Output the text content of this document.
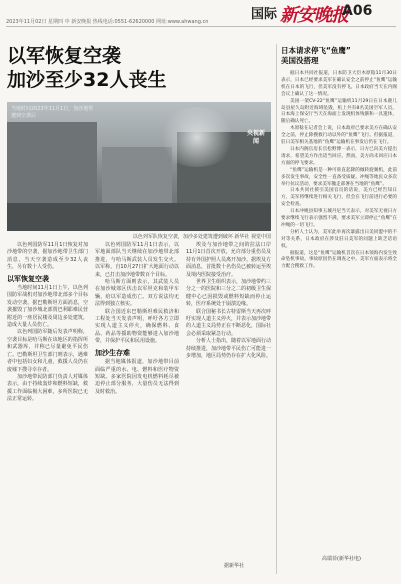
2023年11月02日 星期四 中 新安晚报 热线电话:0551-62620000 网址:www.ahwang.cn	国际 新安晚报
A06
以军恢复空袭
加沙至少32人丧生
当地时间2023年11月1日，加沙地带
遭到空袭后
央视新闻
以色列军队恢复空袭，加沙多处建筑遭到破坏 新华社 视觉中国

以色列国防军11月1日恢复对加沙地带的空袭，据加沙地带卫生部门消息，当天空袭造成至少32人丧生，另有数十人受伤。

以军恢复空袭

当地时间11月1日上午，以色列国防军战机对加沙地带北部多个目标发动空袭。据巴勒斯坦方面消息，空袭摧毁了加沙城北部贾巴利耶难民营附近的一座居民楼及周边多处建筑，造成大量人员伤亡。

以色列国防军随后发表声明称，空袭目标是哈马斯在该地区的指挥所和武器库，并称已尽量避免平民伤亡。巴勒斯坦卫生部门则表示，遇难者中包括妇女和儿童，救援人员仍在废墟下搜寻幸存者。

加沙地带民防部门负责人对媒体表示，由于持续轰炸和燃料短缺，救援工作面临极大困难，多所医院已无法正常运转。

以色列国防军11月1日表示，以军地面部队当天继续在加沙地带北部推进，与哈马斯武装人员发生交火。以军称，自10月27日扩大地面行动以来，已打击加沙地带数百个目标。

哈马斯方面则表示，其武装人员在加沙城郊区伏击以军坦克和装甲车辆，给以军造成伤亡。双方说法均无法得到独立核实。

联合国近东巴勒斯坦难民救济和工程处当天发表声明，呼吁各方立即实现人道主义停火，确保燃料、食品、药品等援助物资能够进入加沙地带，并保护平民和民用设施。

加沙生存难

据当地媒体报道，加沙地带目前面临严重的水、电、燃料和医疗物资短缺。多家医院因发电机燃料耗尽被迫停止部分服务，大量伤员无法得到及时救治。

埃及与加沙地带之间的拉法口岸11月1日首次开放，允许部分重伤员及持有外国护照人员离开加沙。据埃及方面消息，首批数十名伤员已被转运至埃及境内医院接受治疗。

世界卫生组织表示，加沙地带约三分之一的医院和三分之二的初级卫生保健中心已因损毁或燃料短缺而停止运转，医疗系统处于崩溃边缘。

联合国秘书长古特雷斯当天再次呼吁实现人道主义停火，并表示加沙地带的人道主义局势正在不断恶化，国际社会必须采取紧急行动。

分析人士指出，随着以军地面行动持续推进，加沙地带平民伤亡可能进一步增加，地区局势仍存在扩大化风险。

据新华社
日本请求停飞“鱼鹰”
美国没搭理

据日本共同社报道，日本防卫大臣木原稔11月30日表示，日本已经要求美军在确认安全之前停止“鱼鹰”运输机在日本的飞行，但美军没有停飞。日本政府当天在内阁会议上确认了这一情况。

美国一架CV-22“鱼鹰”运输机11月29日在日本鹿儿岛县屋久岛附近海域坠毁，机上共有8名美国空军人员。日本海上保安厅当天在海面上发现机体残骸和一具遗体，随后确认死亡。

木原稔在记者会上说，日本政府已要求美方在确认安全之前，停止除搜救行动以外的“鱼鹰”飞行。但据报道，驻日美军相关基地的“鱼鹰”运输机在事发后仍在飞行。

日本内阁官房长官松野博一表示，日方已向美方提出请求，希望美方作出适当回应。然而，美方尚未回应日本方面的停飞要求。

“鱼鹰”运输机是一种可垂直起降的倾转旋翼机，此前多次发生事故，安全性一直备受质疑。冲绳等地民众多次举行抗议活动，要求美军撤走部署在当地的“鱼鹰”。

日本共同社援引美国官员的话说，美方已经告知日方，美军将继续进行相关飞行，但会在飞行前进行必要的安全检查。

日本冲绳县知事玉城丹尼当天表示，对美军无视日方要求继续飞行表示强烈不满，要求美军立即停止“鱼鹰”在冲绳的一切飞行。

分析人士认为，美军此举再次暴露出日美同盟中的不对等关系，日本政府在涉及驻日美军的问题上缺乏话语权。

据报道，这是“鱼鹰”运输机首次在日本领海内发生致命坠机事故。事故原因仍在调查之中。美军方面表示将全力配合搜救工作。

高瑞菲(新华社电)
